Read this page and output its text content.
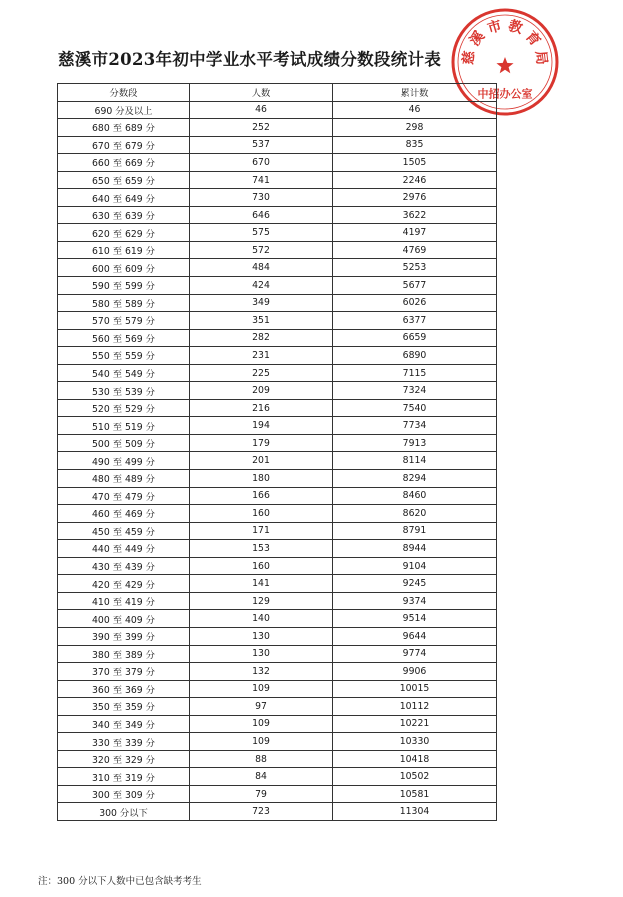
慈溪市2023年初中学业水平考试成绩分数段统计表	慈
溪
市 教
育
局
中招办公室
分数段	人数	累计数
690 分及以上	46	46
680 至 689 分	252	298
670 至 679 分	537	835
660 至 669 分	670	1505
650 至 659 分	741	2246
640 至 649 分	730	2976
630 至 639 分	646	3622
620 至 629 分	575	4197
610 至 619 分	572	4769
600 至 609 分	484	5253
590 至 599 分	424	5677
580 至 589 分	349	6026
570 至 579 分	351	6377
560 至 569 分	282	6659
550 至 559 分	231	6890
540 至 549 分	225	7115
530 至 539 分	209	7324
520 至 529 分	216	7540
510 至 519 分	194	7734
500 至 509 分	179	7913
490 至 499 分	201	8114
480 至 489 分	180	8294
470 至 479 分	166	8460
460 至 469 分	160	8620
450 至 459 分	171	8791
440 至 449 分	153	8944
430 至 439 分	160	9104
420 至 429 分	141	9245
410 至 419 分	129	9374
400 至 409 分	140	9514
390 至 399 分	130	9644
380 至 389 分	130	9774
370 至 379 分	132	9906
360 至 369 分	109	10015
350 至 359 分	97	10112
340 至 349 分	109	10221
330 至 339 分	109	10330
320 至 329 分	88	10418
310 至 319 分	84	10502
300 至 309 分	79	10581
300 分以下	723	11304
注：300 分以下人数中已包含缺考考生
